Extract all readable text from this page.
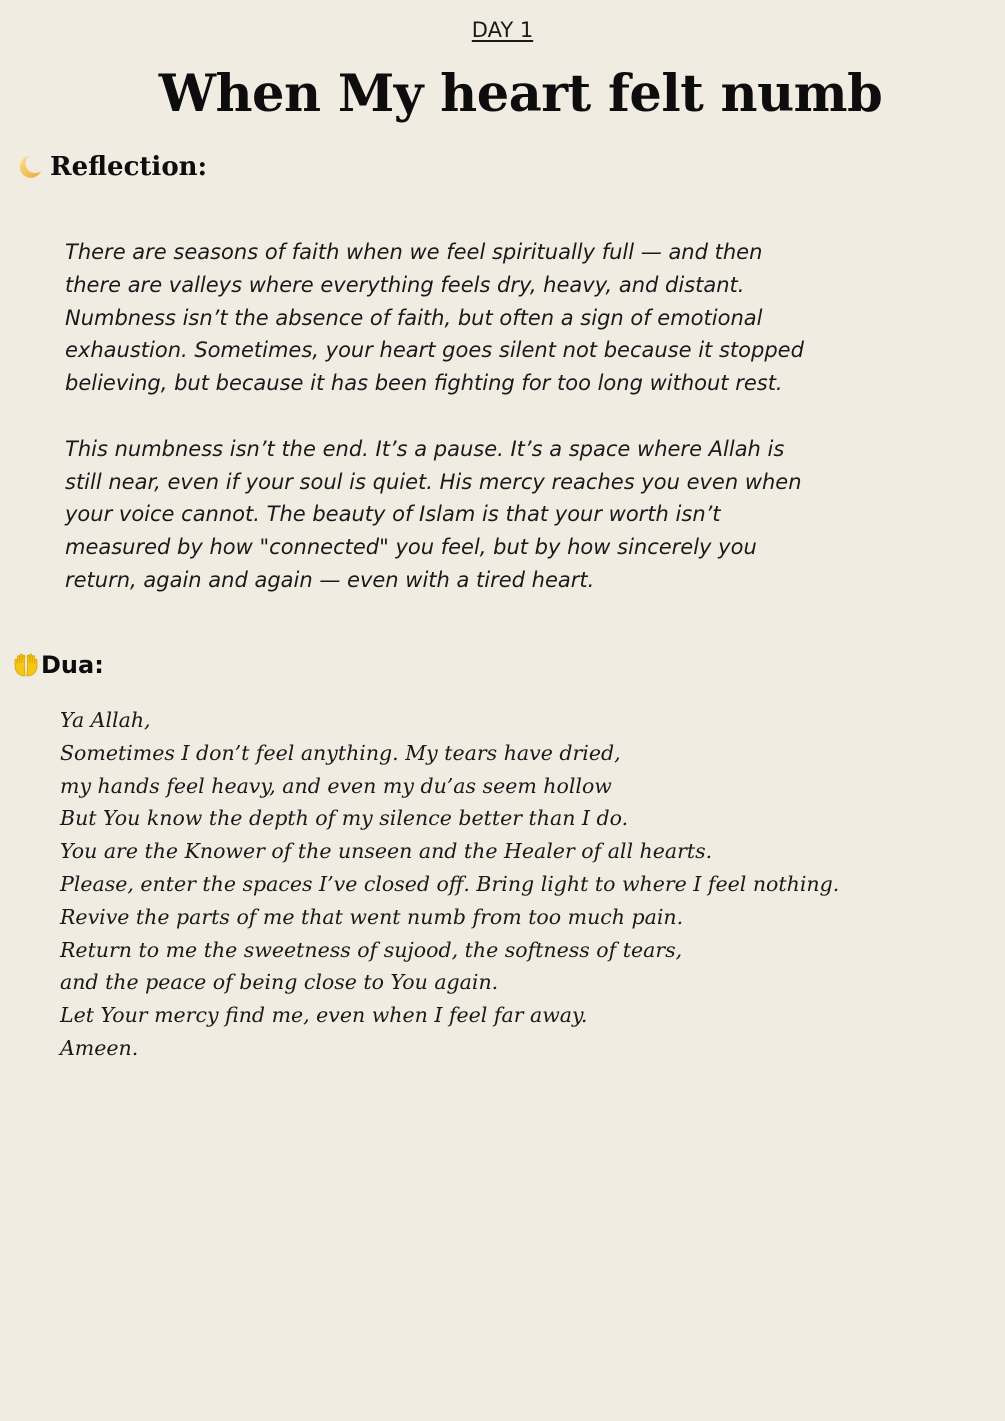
DAY 1

When My heart felt numb
Reflection:

There are seasons of faith when we feel spiritually full — and then
there are valleys where everything feels dry, heavy, and distant.
Numbness isn’t the absence of faith, but often a sign of emotional
exhaustion. Sometimes, your heart goes silent not because it stopped
believing, but because it has been fighting for too long without rest.

This numbness isn’t the end. It’s a pause. It’s a space where Allah is
still near, even if your soul is quiet. His mercy reaches you even when
your voice cannot. The beauty of Islam is that your worth isn’t
measured by how "connected" you feel, but by how sincerely you
return, again and again — even with a tired heart.

Dua:
Ya Allah,
Sometimes I don’t feel anything. My tears have dried,
my hands feel heavy, and even my du’as seem hollow
But You know the depth of my silence better than I do.
You are the Knower of the unseen and the Healer of all hearts.
Please, enter the spaces I’ve closed off. Bring light to where I feel nothing.
Revive the parts of me that went numb from too much pain.
Return to me the sweetness of sujood, the softness of tears,
and the peace of being close to You again.
Let Your mercy find me, even when I feel far away.
Ameen.
